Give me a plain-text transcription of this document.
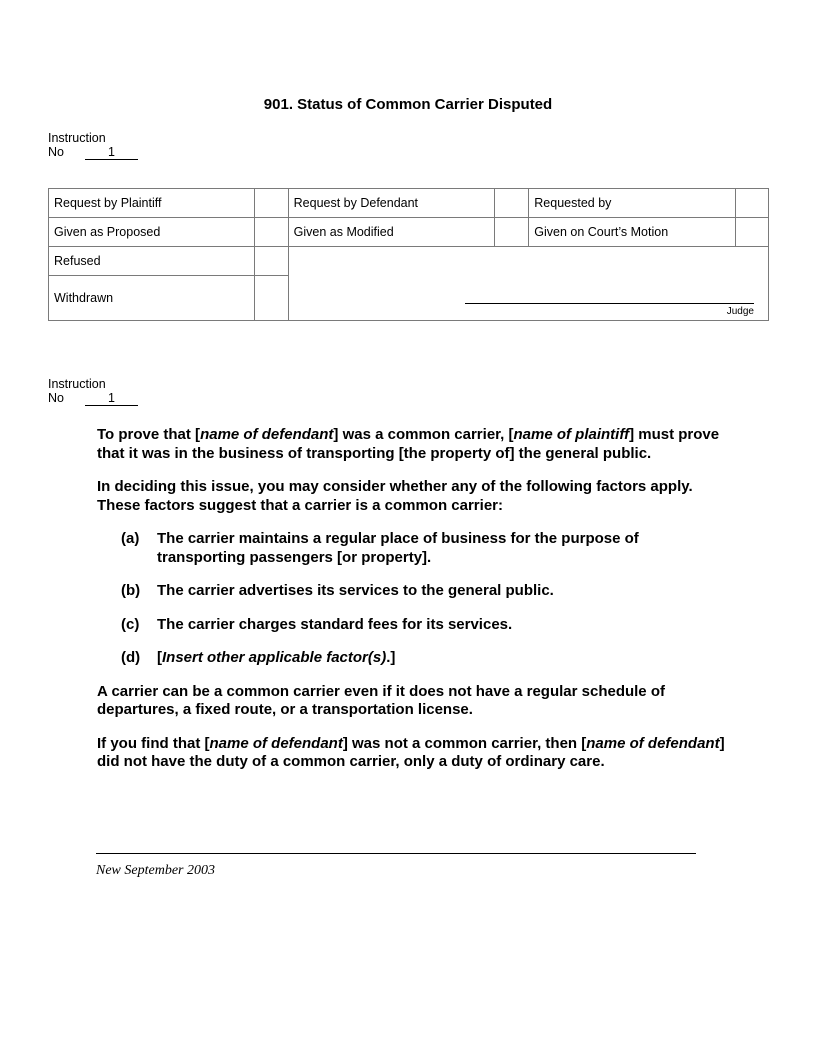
901. Status of Common Carrier Disputed
Instruction
No	1
Request by Plaintiff		Request by Defendant		Requested by	
Given as Proposed		Given as Modified		Given on Court’s Motion	
Refused		Judge			

Withdrawn					
Instruction
No	1

To prove that [name of defendant] was a common carrier, [name of plaintiff] must prove that it was in the business of transporting [the property of] the general public.

In deciding this issue, you may consider whether any of the following factors apply. These factors suggest that a carrier is a common carrier:

(a)	The carrier maintains a regular place of business for the purpose of transporting passengers [or property].
(b)	The carrier advertises its services to the general public.
(c)	The carrier charges standard fees for its services.
(d)	[Insert other applicable factor(s).]

A carrier can be a common carrier even if it does not have a regular schedule of departures, a fixed route, or a transportation license.

If you find that [name of defendant] was not a common carrier, then [name of defendant] did not have the duty of a common carrier, only a duty of ordinary care.

New September 2003
